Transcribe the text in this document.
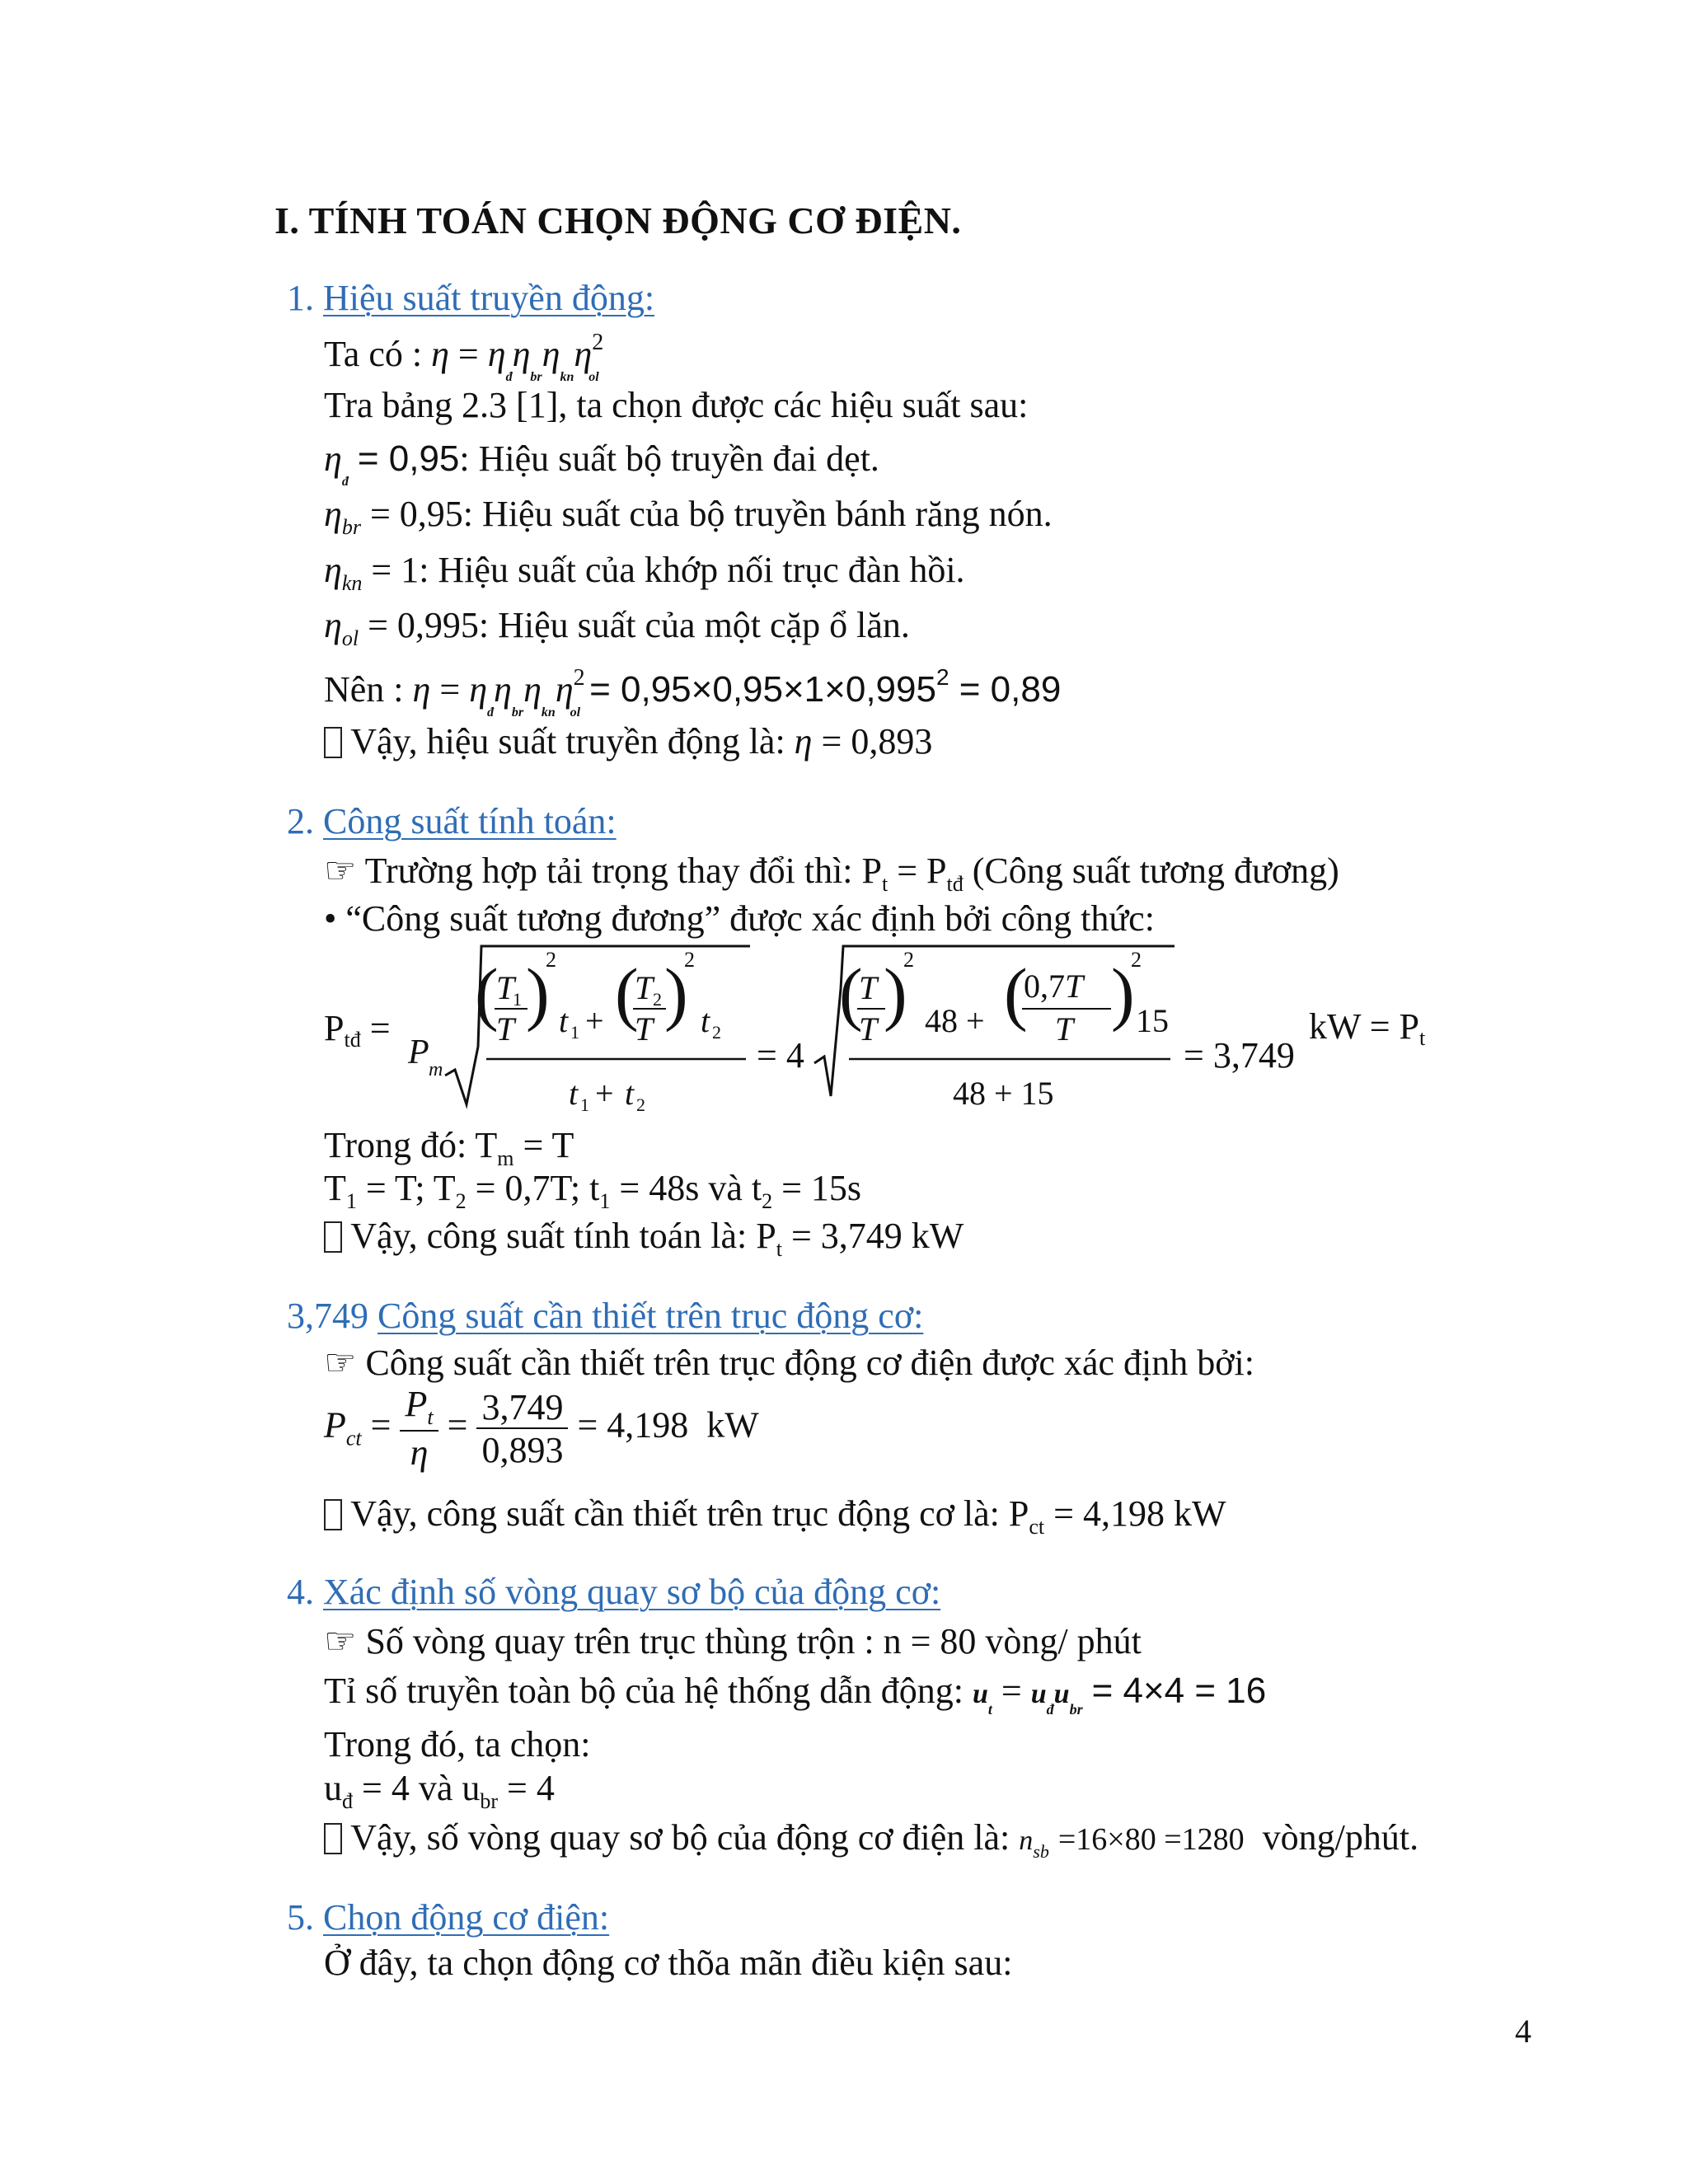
I. TÍNH TOÁN CHỌN ĐỘNG CƠ ĐIỆN.
1. Hiệu suất truyền động:
Ta có : $\eta = \eta_đ\eta_{br}\eta_{kn}\eta^2_{ol}$
Tra bảng 2.3 [1], ta chọn được các hiệu suất sau:
$\eta_đ = 0,95$: Hiệu suất bộ truyền đai dẹt.
$\eta_{br} = 0,95$: Hiệu suất của bộ truyền bánh răng nón.
$\eta_{kn} = 1$: Hiệu suất của khớp nối trục đàn hồi.
$\eta_{ol} = 0,995$: Hiệu suất của một cặp ổ lăn.
Nên : $\eta = \eta_đ\eta_{br}\eta_{kn}\eta^2_{ol} = 0,95\times 0,95\times 1\times 0,995^2 = 0,89$
Vậy, hiệu suất truyền động là: η = 0,893
2. Công suất tính toán:
☞ Trường hợp tải trọng thay đổi thì: $P_t = P_{tđ}$ (Công suất tương đương)
• “Công suất tương đương” được xác định bởi công thức:
Ptđ =
P m
(
T
1
T )
2
t 1 + (
T 2
T )
2
t 2
t 1 + t 2
= 4
(
T
T )
2
48 + (
0,7T
T )
2
15
48 + 15
= 3,749
kW = Pt
Trong đó: $T_m = T$
$T_1 = T$; $T_2 = 0,7T$; $t_1 = 48s$ và $t_2 = 15s$
Vậy, công suất tính toán là: $P_t = 3,749$ kW
3,749 Công suất cần thiết trên trục động cơ:
☞ Công suất cần thiết trên trục động cơ điện được xác định bởi:
$P_{ct} = \frac{P_t}{\eta} = \frac{3,749}{0,893} = 4,198$ kW
Vậy, công suất cần thiết trên trục động cơ là: $P_{ct} = 4,198$ kW
4. Xác định số vòng quay sơ bộ của động cơ:
☞ Số vòng quay trên trục thùng trộn : n = 80 vòng/ phút
Tỉ số truyền toàn bộ của hệ thống dẫn động: $u_t = u_đu_{br} = 4\times 4 = 16$
Trong đó, ta chọn:
$u_đ = 4$ và $u_{br} = 4$
Vậy, số vòng quay sơ bộ của động cơ điện là: $n_{sb} =16\times 80 =1280$ vòng/phút.
5. Chọn động cơ điện:
Ở đây, ta chọn động cơ thõa mãn điều kiện sau:
4
